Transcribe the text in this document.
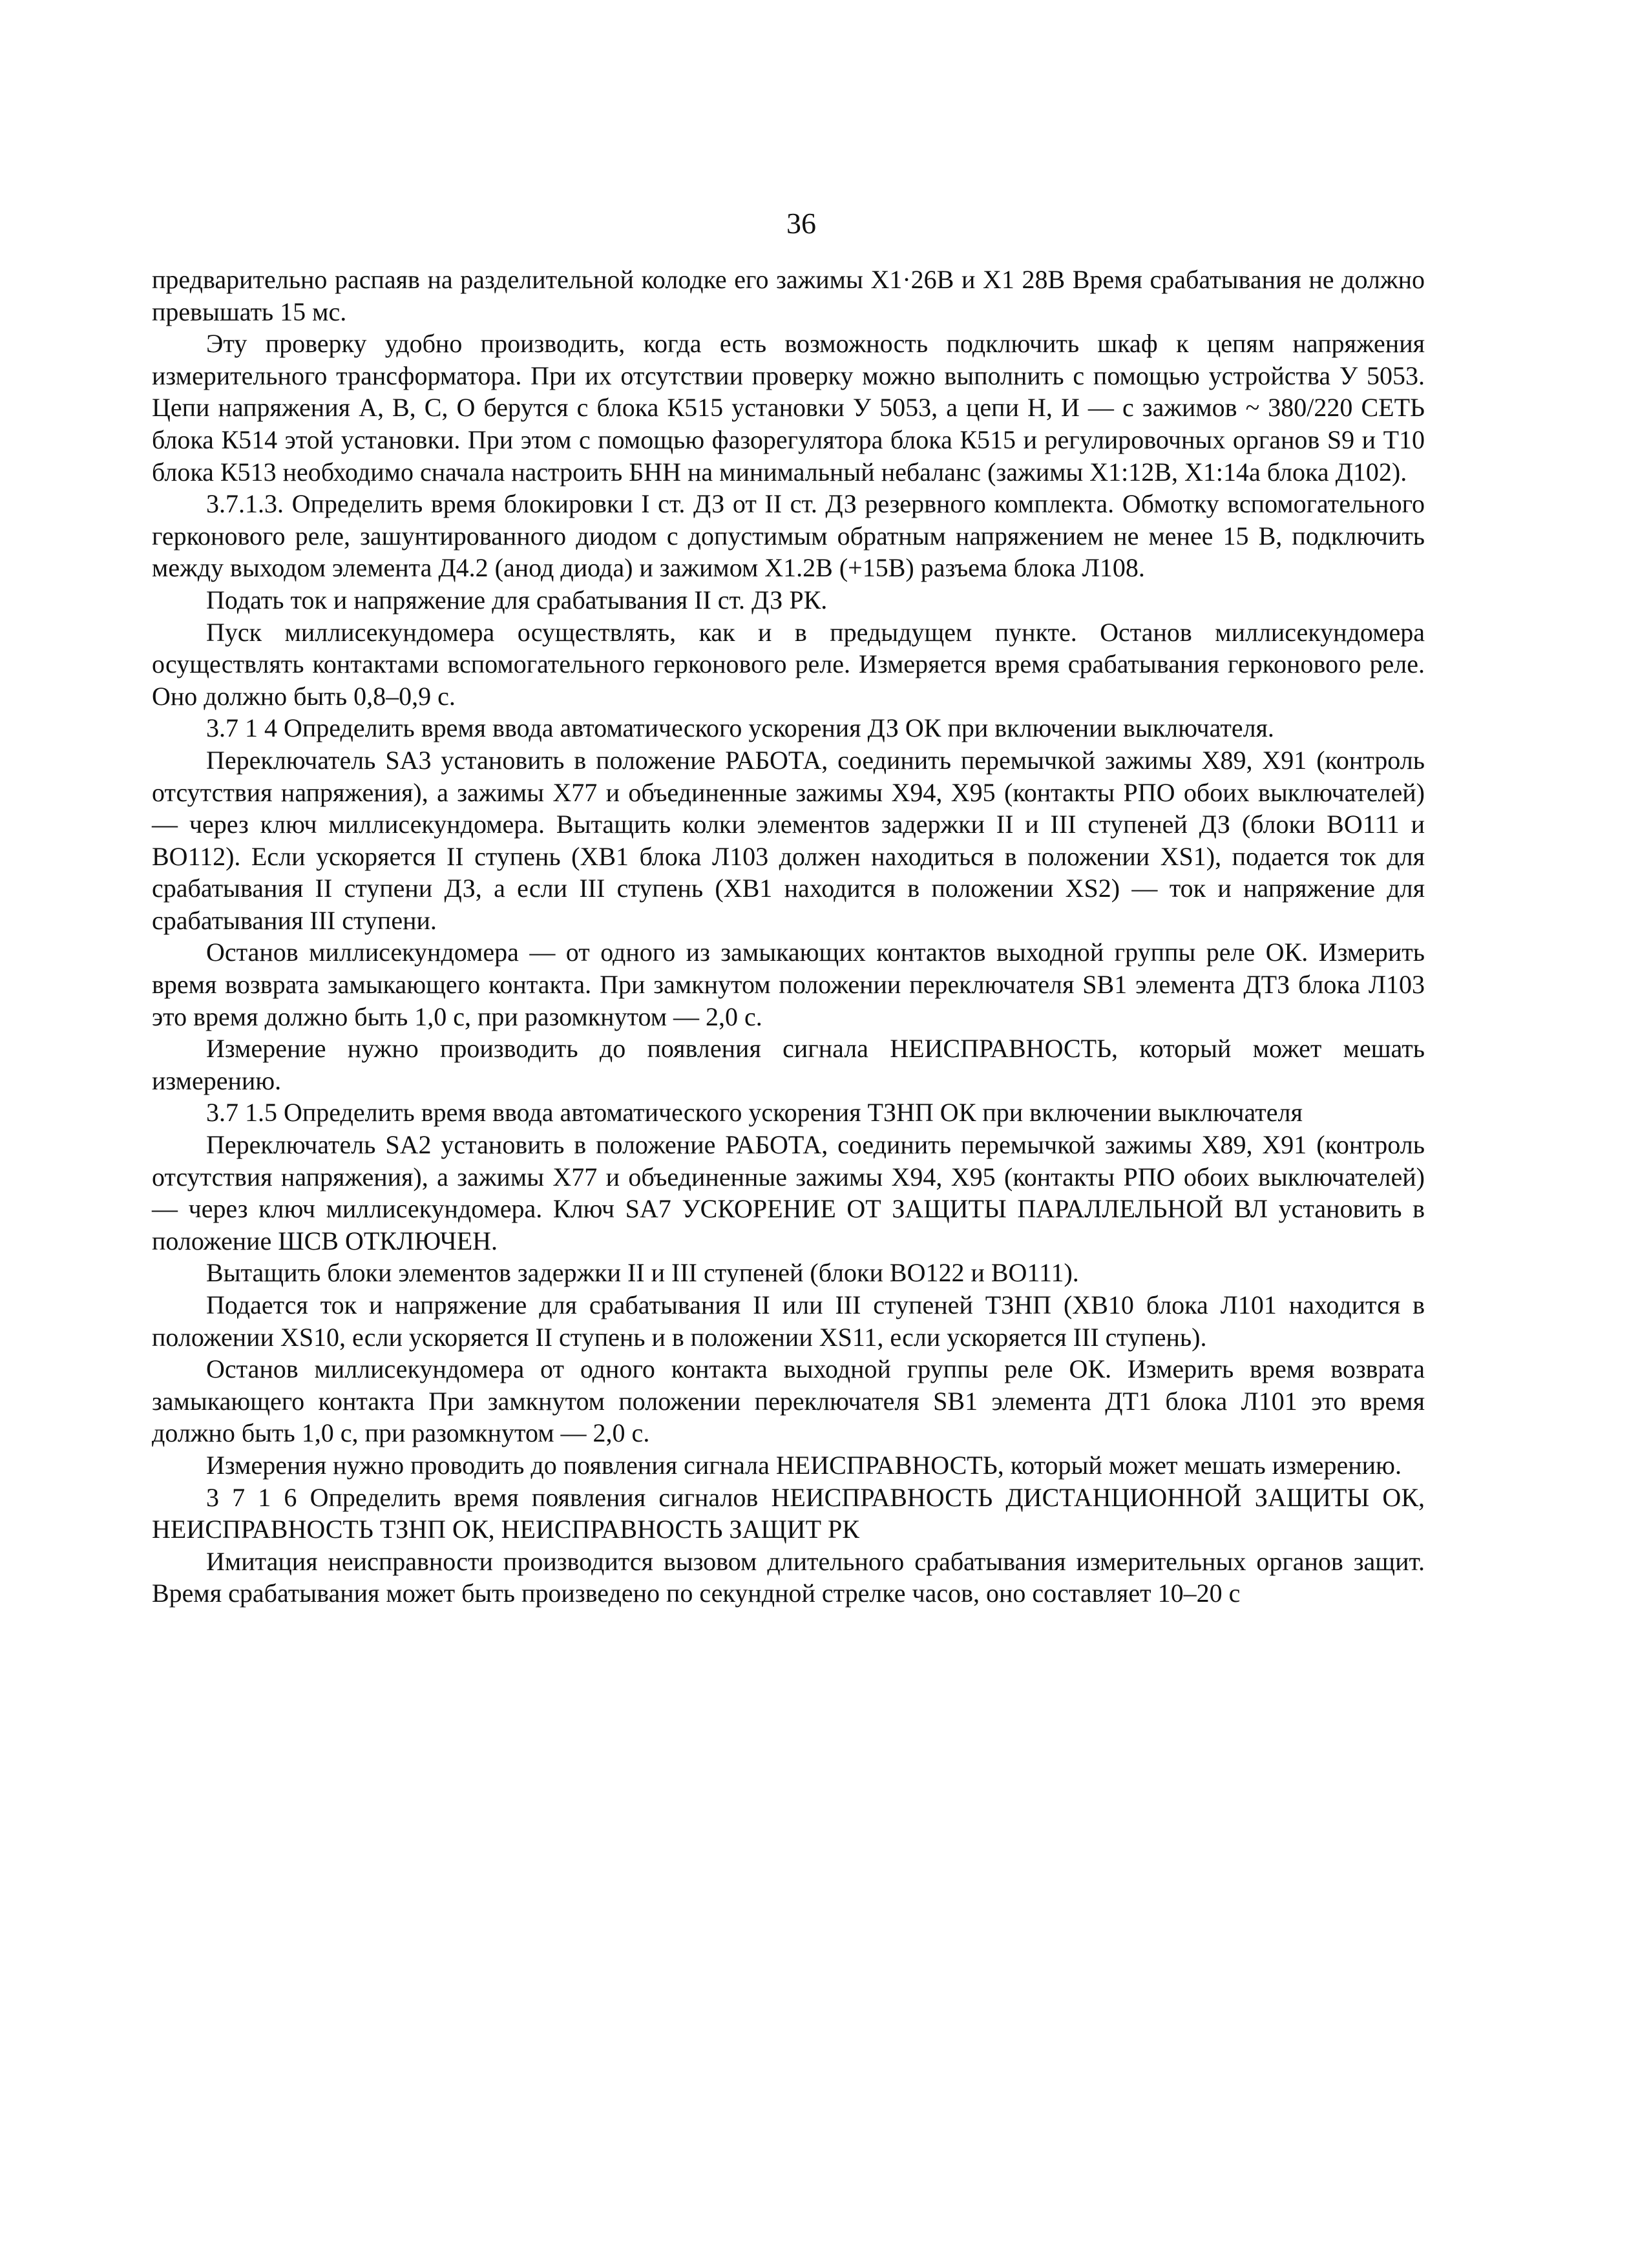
36

предварительно распаяв на разделительной колодке его зажимы X1·26В и X1 28В Время срабатывания не должно превышать 15 мс.

Эту проверку удобно производить, когда есть возможность подключить шкаф к цепям напряжения измерительного трансформатора. При их отсутствии проверку можно выполнить с помощью устройства У 5053. Цепи напряжения А, В, С, О берутся с блока К515 установки У 5053, а цепи Н, И — с зажимов ~ 380/220 СЕТЬ блока К514 этой установки. При этом с помощью фазорегулятора блока К515 и регулировочных органов S9 и Т10 блока К513 необходимо сначала настроить БНН на минимальный небаланс (зажимы X1:12В, X1:14а блока Д102).

3.7.1.3. Определить время блокировки I ст. ДЗ от II ст. ДЗ резервного комплекта. Обмотку вспомогательного герконового реле, зашунтированного диодом с допустимым обратным напряжением не менее 15 В, подключить между выходом элемента Д4.2 (анод диода) и зажимом X1.2В (+15В) разъема блока Л108.

Подать ток и напряжение для срабатывания II ст. ДЗ РК.

Пуск миллисекундомера осуществлять, как и в предыдущем пункте. Останов миллисекундомера осуществлять контактами вспомогательного герконового реле. Измеряется время срабатывания герконового реле. Оно должно быть 0,8–0,9 с.

3.7 1 4 Определить время ввода автоматического ускорения ДЗ ОК при включении выключателя.

Переключатель SA3 установить в положение РАБОТА, соединить перемычкой зажимы X89, X91 (контроль отсутствия напряжения), а зажимы X77 и объединенные зажимы X94, X95 (контакты РПО обоих выключателей) — через ключ миллисекундомера. Вытащить колки элементов задержки II и III ступеней ДЗ (блоки ВО111 и ВО112). Если ускоряется II ступень (ХВ1 блока Л103 должен находиться в положении XS1), подается ток для срабатывания II ступени ДЗ, а если III ступень (ХВ1 находится в положении XS2) — ток и напряжение для срабатывания III ступени.

Останов миллисекундомера — от одного из замыкающих контактов выходной группы реле ОК. Измерить время возврата замыкающего контакта. При замкнутом положении переключателя SB1 элемента ДТЗ блока Л103 это время должно быть 1,0 с, при разомкнутом — 2,0 с.

Измерение нужно производить до появления сигнала НЕИСПРАВНОСТЬ, который может мешать измерению.

3.7 1.5 Определить время ввода автоматического ускорения ТЗНП ОК при включении выключателя

Переключатель SA2 установить в положение РАБОТА, соединить перемычкой зажимы X89, X91 (контроль отсутствия напряжения), а зажимы X77 и объединенные зажимы X94, X95 (контакты РПО обоих выключателей) — через ключ миллисекундомера. Ключ SA7 УСКОРЕНИЕ ОТ ЗАЩИТЫ ПАРАЛЛЕЛЬНОЙ ВЛ установить в положение ШСВ ОТКЛЮЧЕН.

Вытащить блоки элементов задержки II и III ступеней (блоки ВО122 и ВО111).

Подается ток и напряжение для срабатывания II или III ступеней ТЗНП (ХВ10 блока Л101 находится в положении XS10, если ускоряется II ступень и в положении XS11, если ускоряется III ступень).

Останов миллисекундомера от одного контакта выходной группы реле ОК. Измерить время возврата замыкающего контакта При замкнутом положении переключателя SB1 элемента ДТ1 блока Л101 это время должно быть 1,0 с, при разомкнутом — 2,0 с.

Измерения нужно проводить до появления сигнала НЕИСПРАВНОСТЬ, который может мешать измерению.

3 7 1 6 Определить время появления сигналов НЕИСПРАВНОСТЬ ДИСТАНЦИОННОЙ ЗАЩИТЫ ОК, НЕИСПРАВНОСТЬ ТЗНП ОК, НЕИСПРАВНОСТЬ ЗАЩИТ РК

Имитация неисправности производится вызовом длительного срабатывания измерительных органов защит. Время срабатывания может быть произведено по секундной стрелке часов, оно составляет 10–20 с
